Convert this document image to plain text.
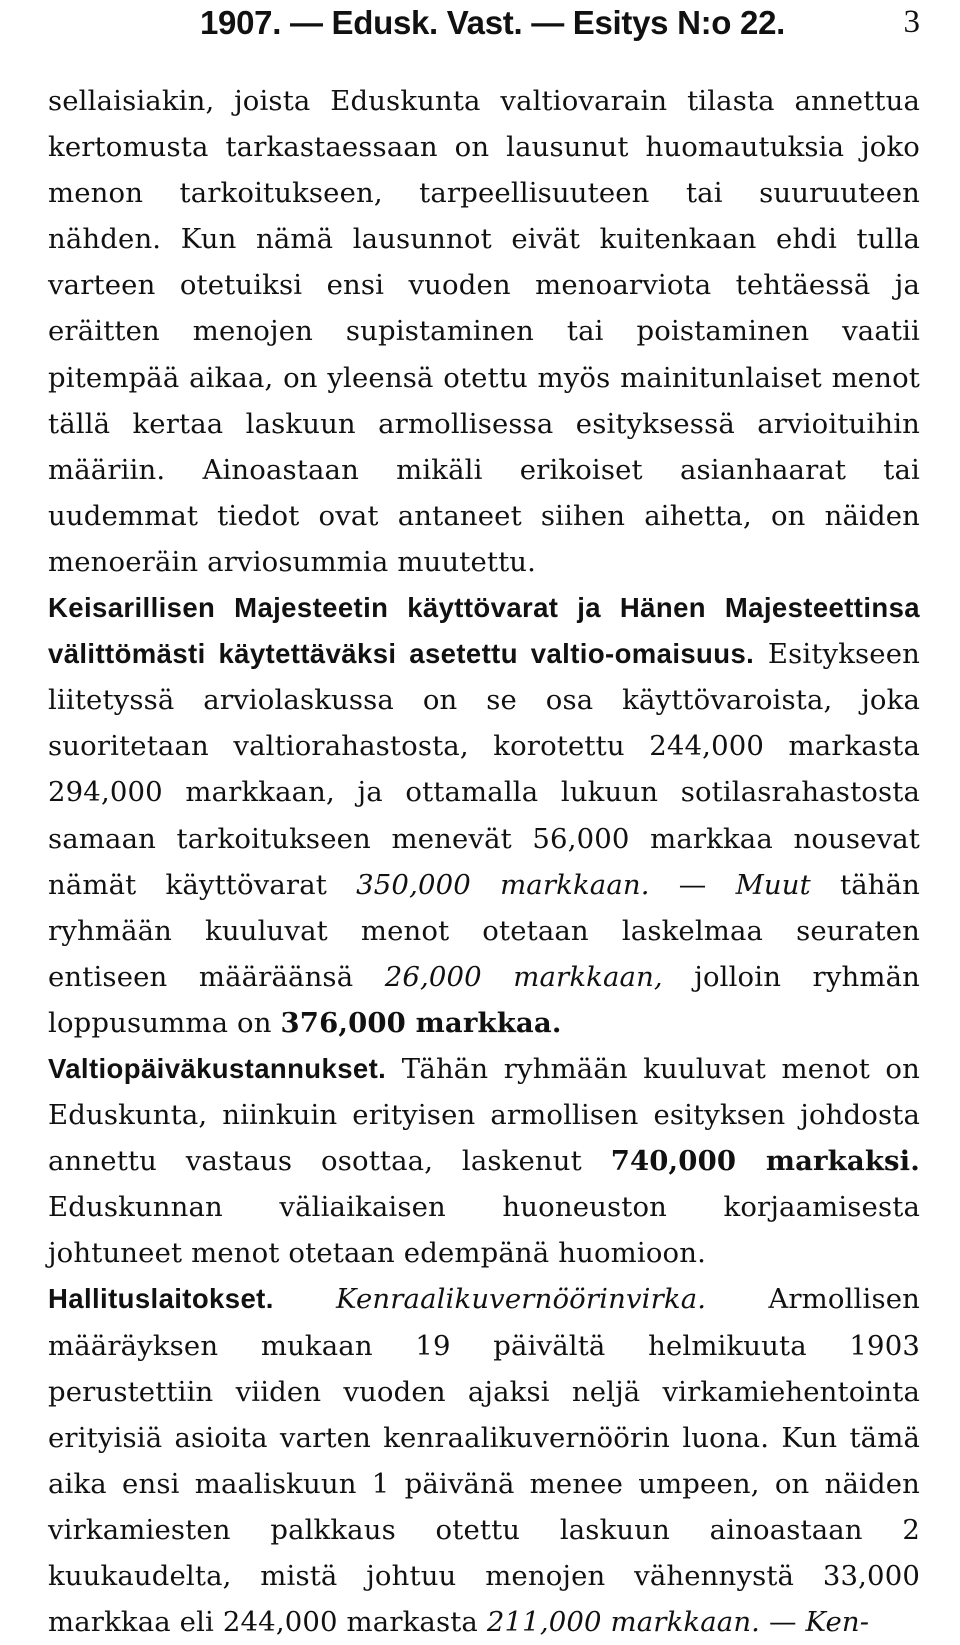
1907. — Edusk. Vast. — Esitys N:o 22.	3

sellaisiakin, joista Eduskunta valtiovarain tilasta annettua kertomusta tarkastaessaan on lausunut huomautuksia joko menon tarkoitukseen, tarpeellisuuteen tai suuruuteen nähden. Kun nämä lausunnot eivät kuitenkaan ehdi tulla varteen otetuiksi ensi vuoden menoarviota tehtäessä ja eräitten menojen supistaminen tai poistaminen vaatii pitempää aikaa, on yleensä otettu myös mainitunlaiset menot tällä kertaa laskuun armollisessa esityksessä arvioituihin määriin. Ainoastaan mikäli erikoiset asianhaarat tai uudemmat tiedot ovat antaneet siihen aihetta, on näiden menoeräin arviosummia muutettu.

Keisarillisen Majesteetin käyttövarat ja Hänen Majesteettinsa välittömästi käytettäväksi asetettu valtio-omaisuus. Esitykseen liitetyssä arviolaskussa on se osa käyttövaroista, joka suoritetaan valtiorahastosta, korotettu 244,000 markasta 294,000 markkaan, ja ottamalla lukuun sotilasrahastosta samaan tarkoitukseen menevät 56,000 markkaa nousevat nämät käyttövarat 350,000 markkaan. — Muut tähän ryhmään kuuluvat menot otetaan laskelmaa seuraten entiseen määräänsä 26,000 markkaan, jolloin ryhmän loppusumma on 376,000 markkaa.

Valtiopäiväkustannukset. Tähän ryhmään kuuluvat menot on Eduskunta, niinkuin erityisen armollisen esityksen johdosta annettu vastaus osottaa, laskenut 740,000 markaksi. Eduskunnan väliaikaisen huoneuston korjaamisesta johtuneet menot otetaan edempänä huomioon.

Hallituslaitokset. Kenraalikuvernöörinvirka. Armollisen määräyksen mukaan 19 päivältä helmikuuta 1903 perustettiin viiden vuoden ajaksi neljä virkamiehentointa erityisiä asioita varten kenraalikuvernöörin luona. Kun tämä aika ensi maaliskuun 1 päivänä menee umpeen, on näiden virkamiesten palkkaus otettu laskuun ainoastaan 2 kuukaudelta, mistä johtuu menojen vähennystä 33,000 markkaa eli 244,000 markasta 211,000 markkaan. — Ken-
